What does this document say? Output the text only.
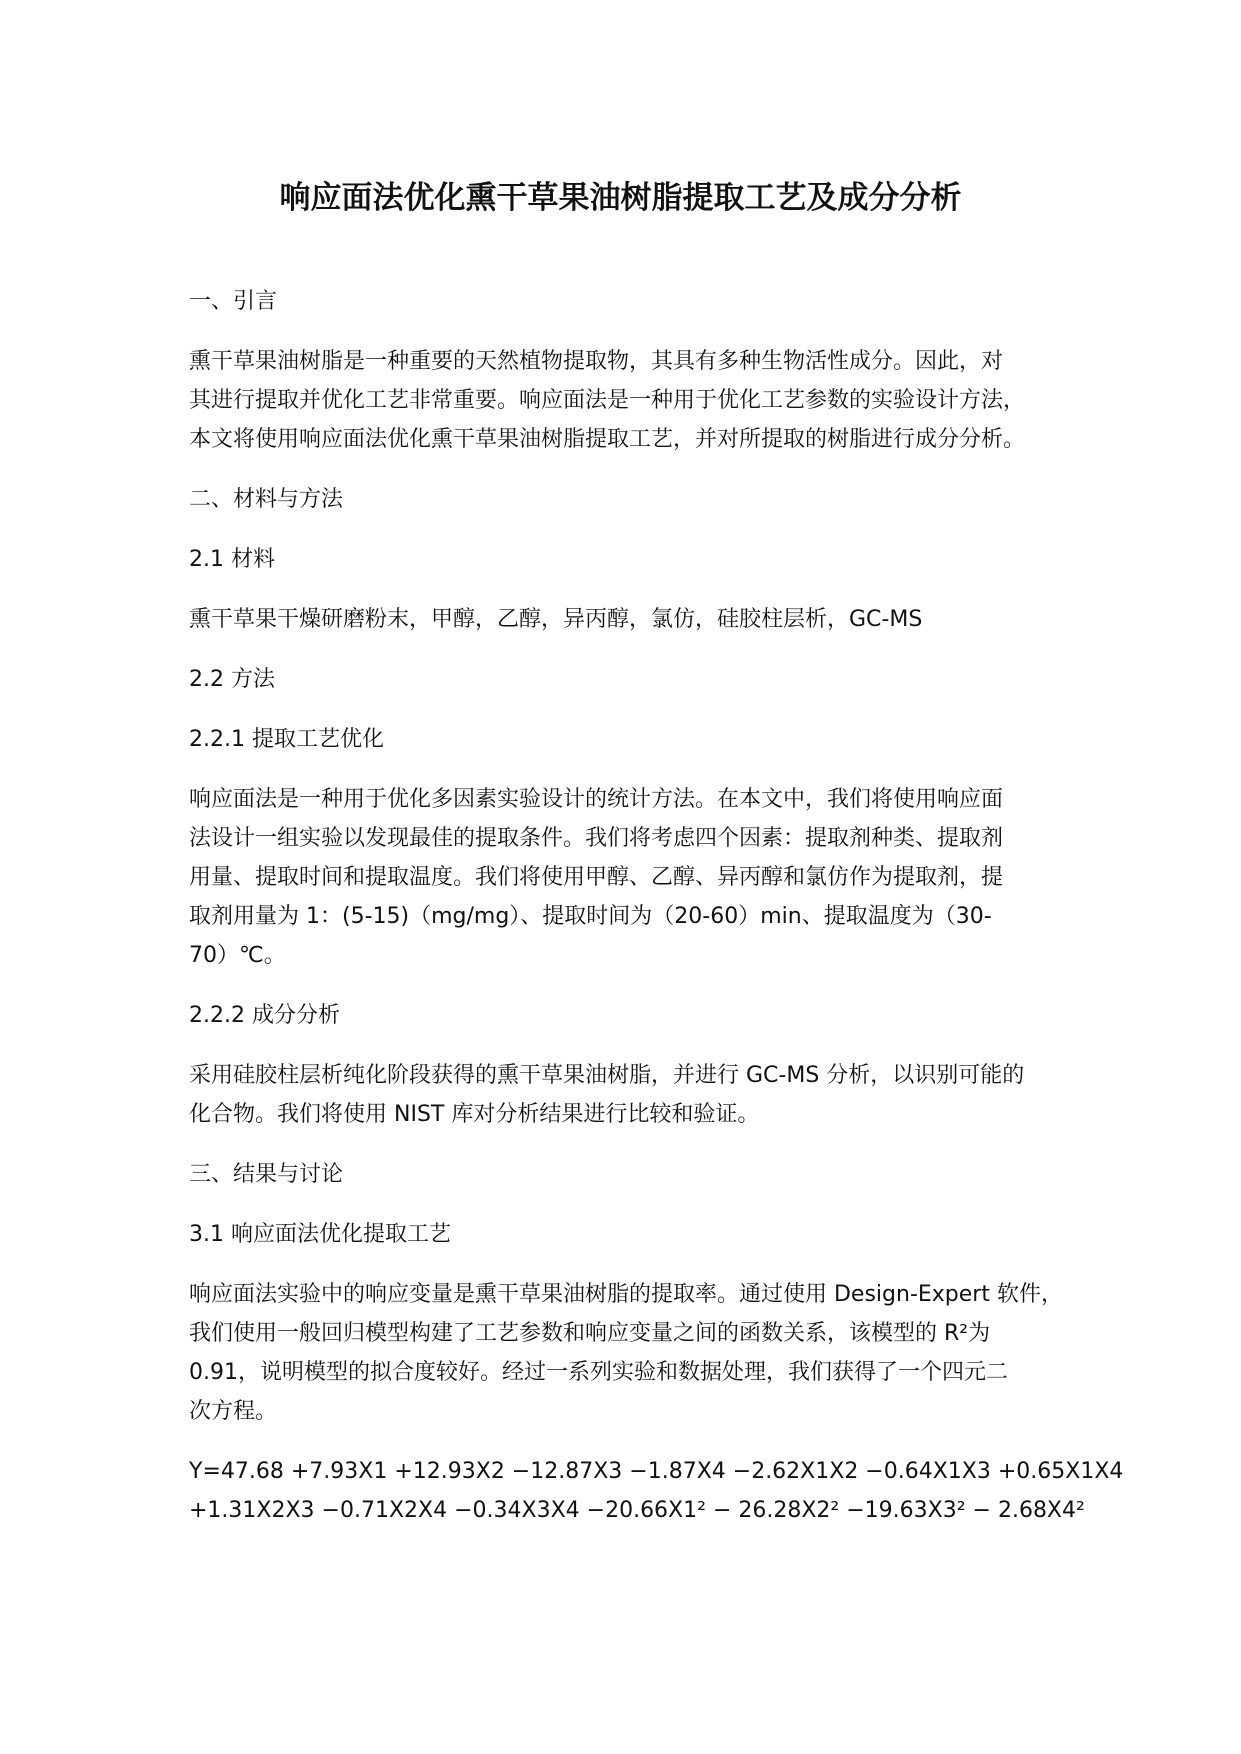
响应面法优化熏干草果油树脂提取工艺及成分分析
一、引言
熏干草果油树脂是一种重要的天然植物提取物，其具有多种生物活性成分。因此，对
其进行提取并优化工艺非常重要。响应面法是一种用于优化工艺参数的实验设计方法，
本文将使用响应面法优化熏干草果油树脂提取工艺，并对所提取的树脂进行成分分析。
二、材料与方法
2.1 材料
熏干草果干燥研磨粉末，甲醇，乙醇，异丙醇，氯仿，硅胶柱层析，GC-MS
2.2 方法
2.2.1 提取工艺优化
响应面法是一种用于优化多因素实验设计的统计方法。在本文中，我们将使用响应面
法设计一组实验以发现最佳的提取条件。我们将考虑四个因素：提取剂种类、提取剂
用量、提取时间和提取温度。我们将使用甲醇、乙醇、异丙醇和氯仿作为提取剂，提
取剂用量为 1：(5-15)（mg/mg）、提取时间为（20-60）min、提取温度为（30-
70）℃。
2.2.2 成分分析
采用硅胶柱层析纯化阶段获得的熏干草果油树脂，并进行 GC-MS 分析，以识别可能的
化合物。我们将使用 NIST 库对分析结果进行比较和验证。
三、结果与讨论
3.1 响应面法优化提取工艺
响应面法实验中的响应变量是熏干草果油树脂的提取率。通过使用 Design-Expert 软件，
我们使用一般回归模型构建了工艺参数和响应变量之间的函数关系，该模型的 R²为
0.91，说明模型的拟合度较好。经过一系列实验和数据处理，我们获得了一个四元二
次方程。
Y=47.68 +7.93X1 +12.93X2 −12.87X3 −1.87X4 −2.62X1X2 −0.64X1X3 +0.65X1X4
+1.31X2X3 −0.71X2X4 −0.34X3X4 −20.66X1² − 26.28X2² −19.63X3² − 2.68X4²
